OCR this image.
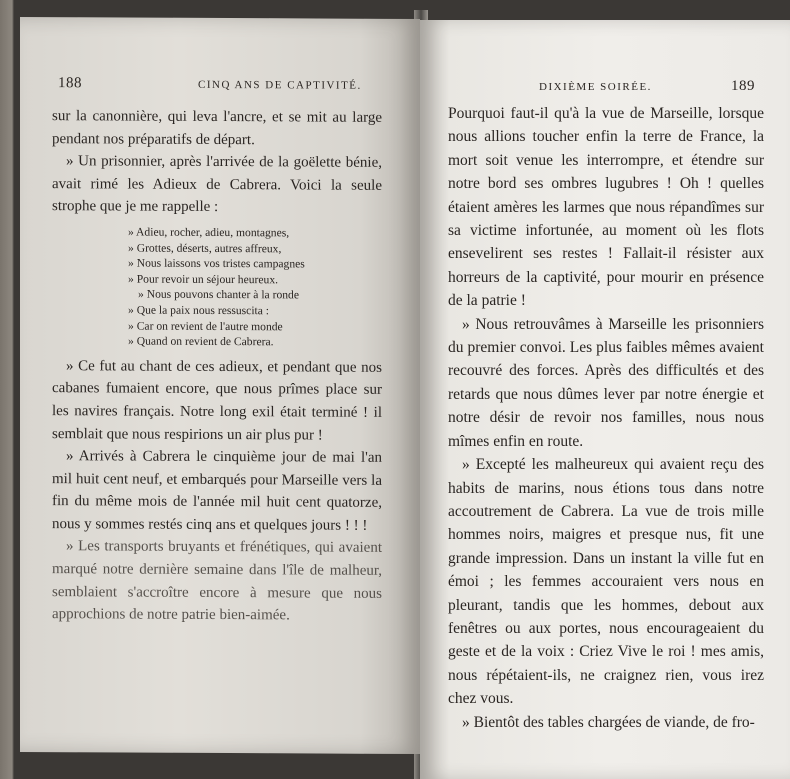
188	CINQ ANS DE CAPTIVITÉ.

sur la canonnière, qui leva l'ancre, et se mit au large pendant nos préparatifs de départ.

» Un prisonnier, après l'arrivée de la goëlette bénie, avait rimé les Adieux de Cabrera. Voici la seule strophe que je me rappelle :

» Adieu, rocher, adieu, montagnes,
» Grottes, déserts, autres affreux,
» Nous laissons vos tristes campagnes
» Pour revoir un séjour heureux.
» Nous pouvons chanter à la ronde
» Que la paix nous ressuscita :
» Car on revient de l'autre monde
» Quand on revient de Cabrera.

» Ce fut au chant de ces adieux, et pendant que nos cabanes fumaient encore, que nous prîmes place sur les navires français. Notre long exil était terminé ! il semblait que nous respirions un air plus pur !

» Arrivés à Cabrera le cinquième jour de mai l'an mil huit cent neuf, et embarqués pour Marseille vers la fin du même mois de l'année mil huit cent quatorze, nous y sommes restés cinq ans et quelques jours ! ! !

» Les transports bruyants et frénétiques, qui avaient marqué notre dernière semaine dans l'île de malheur, semblaient s'accroître encore à mesure que nous approchions de notre patrie bien-aimée.

DIXIÈME SOIRÉE.	189

Pourquoi faut-il qu'à la vue de Marseille, lorsque nous allions toucher enfin la terre de France, la mort soit venue les interrompre, et étendre sur notre bord ses ombres lugubres ! Oh ! quelles étaient amères les larmes que nous répandîmes sur sa victime infortunée, au moment où les flots ensevelirent ses restes ! Fallait-il résister aux horreurs de la captivité, pour mourir en présence de la patrie !

» Nous retrouvâmes à Marseille les prisonniers du premier convoi. Les plus faibles mêmes avaient recouvré des forces. Après des difficultés et des retards que nous dûmes lever par notre énergie et notre désir de revoir nos familles, nous nous mîmes enfin en route.

» Excepté les malheureux qui avaient reçu des habits de marins, nous étions tous dans notre accoutrement de Cabrera. La vue de trois mille hommes noirs, maigres et presque nus, fit une grande impression. Dans un instant la ville fut en émoi ; les femmes accouraient vers nous en pleurant, tandis que les hommes, debout aux fenêtres ou aux portes, nous encourageaient du geste et de la voix : Criez Vive le roi ! mes amis, nous répétaient-ils, ne craignez rien, vous irez chez vous.

» Bientôt des tables chargées de viande, de fro-
